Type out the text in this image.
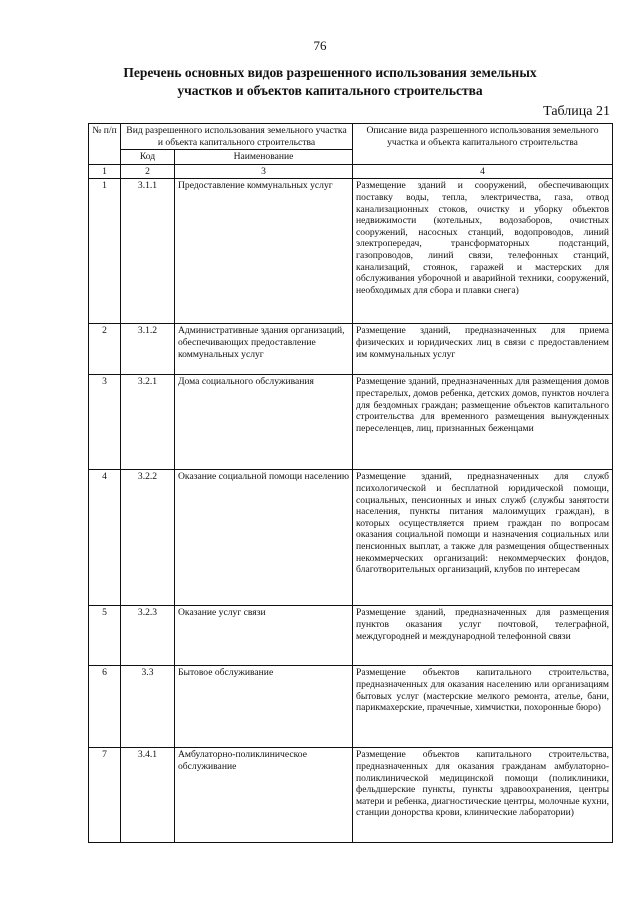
76
Перечень основных видов разрешенного использования земельных
участков и объектов капитального строительства
Таблица 21
№ п/п	Вид разрешенного использования земельного участка и объекта капитального строительства		Описание вида разрешенного использования земельного участка и объекта капитального строительства
	Код	Наименование	
1	2	3	4
1	3.1.1	Предоставление коммунальных услуг	Размещение зданий и сооружений, обеспечивающих поставку воды, тепла, электричества, газа, отвод канализационных стоков, очистку и уборку объектов недвижимости (котельных, водозаборов, очистных сооружений, насосных станций, водопроводов, линий электропередач, трансформаторных подстанций, газопроводов, линий связи, телефонных станций, канализаций, стоянок, гаражей и мастерских для обслуживания уборочной и аварийной техники, сооружений, необходимых для сбора и плавки снега)
2	3.1.2	Административные здания организаций, обеспечивающих предоставление коммунальных услуг	Размещение зданий, предназначенных для приема физических и юридических лиц в связи с предоставлением им коммунальных услуг
3	3.2.1	Дома социального обслуживания	Размещение зданий, предназначенных для размещения домов престарелых, домов ребенка, детских домов, пунктов ночлега для бездомных граждан; размещение объектов капитального строительства для временного размещения вынужденных переселенцев, лиц, признанных беженцами
4	3.2.2	Оказание социальной помощи населению	Размещение зданий, предназначенных для служб психологической и бесплатной юридической помощи, социальных, пенсионных и иных служб (службы занятости населения, пункты питания малоимущих граждан), в которых осуществляется прием граждан по вопросам оказания социальной помощи и назначения социальных или пенсионных выплат, а также для размещения общественных некоммерческих организаций: некоммерческих фондов, благотворительных организаций, клубов по интересам
5	3.2.3	Оказание услуг связи	Размещение зданий, предназначенных для размещения пунктов оказания услуг почтовой, телеграфной, междугородней и международной телефонной связи
6	3.3	Бытовое обслуживание	Размещение объектов капитального строительства, предназначенных для оказания населению или организациям бытовых услуг (мастерские мелкого ремонта, ателье, бани, парикмахерские, прачечные, химчистки, похоронные бюро)
7	3.4.1	Амбулаторно-поликлиническое обслуживание	Размещение объектов капитального строительства, предназначенных для оказания гражданам амбулаторно-поликлинической медицинской помощи (поликлиники, фельдшерские пункты, пункты здравоохранения, центры матери и ребенка, диагностические центры, молочные кухни, станции донорства крови, клинические лаборатории)
